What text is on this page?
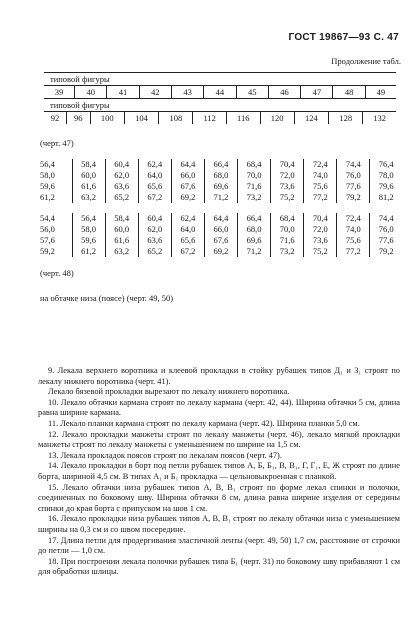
ГОСТ 19867—93 С. 47
Продолжение табл.
типовой фигуры
39	40	41	42	43	44	45	46	47	48	49
типовой фигуры
92	96	100	104	108	112	116	120	124	128	132
(черт. 47)
56,4	58,4	60,4	62,4	64,4	66,4	68,4	70,4	72,4	74,4	76,4
58,0	60,0	62,0	64,0	66,0	68,0	70,0	72,0	74,0	76,0	78,0
59,6	61,6	63,6	65,6	67,6	69,6	71,6	73,6	75,6	77,6	79,6
61,2	63,2	65,2	67,2	69,2	71,2	73,2	75,2	77,2	79,2	81,2
54,4	56,4	58,4	60,4	62,4	64,4	66,4	68,4	70,4	72,4	74,4
56,0	58,0	60,0	62,0	64,0	66,0	68,0	70,0	72,0	74,0	76,0
57,6	59,6	61,6	63,6	65,6	67,6	69,6	71,6	73,6	75,6	77,6
59,2	61,2	63,2	65,2	67,2	69,2	71,2	73,2	75,2	77,2	79,2
(черт. 48)
на обтачке низа (поясе) (черт. 49, 50)

9. Лекала верхнего воротника и клеевой прокладки в стойку рубашек типов Д₁ и З₁ строят по лекалу нижнего воротника (черт. 41).

Лекало бязевой прокладки вырезают по лекалу нижнего воротника.

10. Лекало обтачки кармана строят по лекалу кармана (черт. 42, 44). Ширина обтачки 5 см, длина равна ширине кармана.

11. Лекало планки кармана строят по лекалу кармана (черт. 42). Ширина планки 5,0 см.

12. Лекало прокладки манжеты строят по лекалу манжеты (черт. 46), лекало мягкой прокладки манжеты строят по лекалу манжеты с уменьшением по ширине на 1,5 см.

13. Лекала прокладок поясов строят по лекалам поясов (черт. 47).

14. Лекало прокладки в борт под петли рубашек типов А, Б, Б₁, В, В₁, Г, Г₁, Е, Ж строят по длине борта, шириной 4,5 см. В типах А₁ и Б₁ прокладка — цельновыкроенная с планкой.

15. Лекало обтачки низа рубашек типов А, В, В₁ строят по форме лекал спинки и полочки, соединенных по боковому шву. Ширина обтачки 8 см, длина равна ширине изделия от середины спинки до края борта с припуском на шов 1 см.

16. Лекало прокладки низа рубашек типов А, В, В₁ строят по лекалу обтачки низа с уменьшением ширины на 0,3 см и со швом посередине.

17. Длина петли для продергивания эластичной ленты (черт. 49, 50) 1,7 см, расстояние от строчки до петли — 1,0 см.

18. При построении лекала полочки рубашек типа Б₁ (черт. 31) по боковому шву прибавляют 1 см для обработки шлицы.
